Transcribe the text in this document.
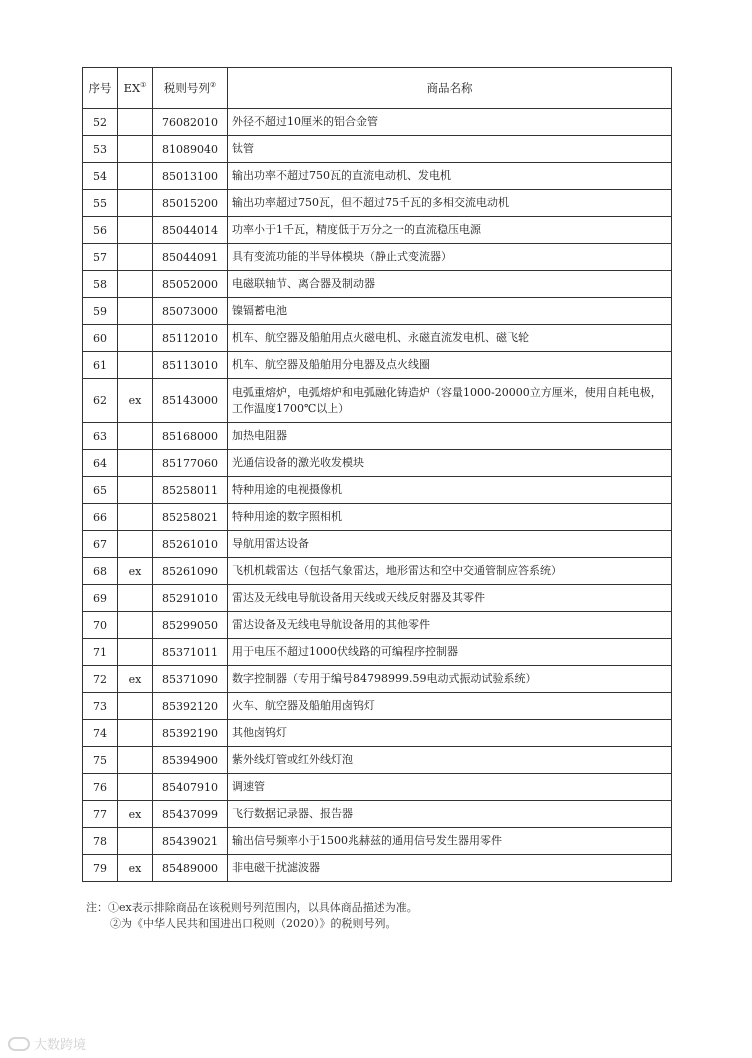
序号	EX①	税则号列②	商品名称
52		76082010	外径不超过10厘米的铝合金管
53		81089040	钛管
54		85013100	输出功率不超过750瓦的直流电动机、发电机
55		85015200	输出功率超过750瓦，但不超过75千瓦的多相交流电动机
56		85044014	功率小于1千瓦，精度低于万分之一的直流稳压电源
57		85044091	具有变流功能的半导体模块（静止式变流器）
58		85052000	电磁联轴节、离合器及制动器
59		85073000	镍镉蓄电池
60		85112010	机车、航空器及船舶用点火磁电机、永磁直流发电机、磁飞轮
61		85113010	机车、航空器及船舶用分电器及点火线圈
62	ex	85143000	电弧重熔炉，电弧熔炉和电弧融化铸造炉（容量1000-20000立方厘米，使用自耗电极，工作温度1700℃以上）
63		85168000	加热电阻器
64		85177060	光通信设备的激光收发模块
65		85258011	特种用途的电视摄像机
66		85258021	特种用途的数字照相机
67		85261010	导航用雷达设备
68	ex	85261090	飞机机载雷达（包括气象雷达，地形雷达和空中交通管制应答系统）
69		85291010	雷达及无线电导航设备用天线或天线反射器及其零件
70		85299050	雷达设备及无线电导航设备用的其他零件
71		85371011	用于电压不超过1000伏线路的可编程序控制器
72	ex	85371090	数字控制器（专用于编号84798999.59电动式振动试验系统）
73		85392120	火车、航空器及船舶用卤钨灯
74		85392190	其他卤钨灯
75		85394900	紫外线灯管或红外线灯泡
76		85407910	调速管
77	ex	85437099	飞行数据记录器、报告器
78		85439021	输出信号频率小于1500兆赫兹的通用信号发生器用零件
79	ex	85489000	非电磁干扰滤波器
注：①ex表示排除商品在该税则号列范围内，以具体商品描述为准。
②为《中华人民共和国进出口税则（2020）》的税则号列。
大数跨境
